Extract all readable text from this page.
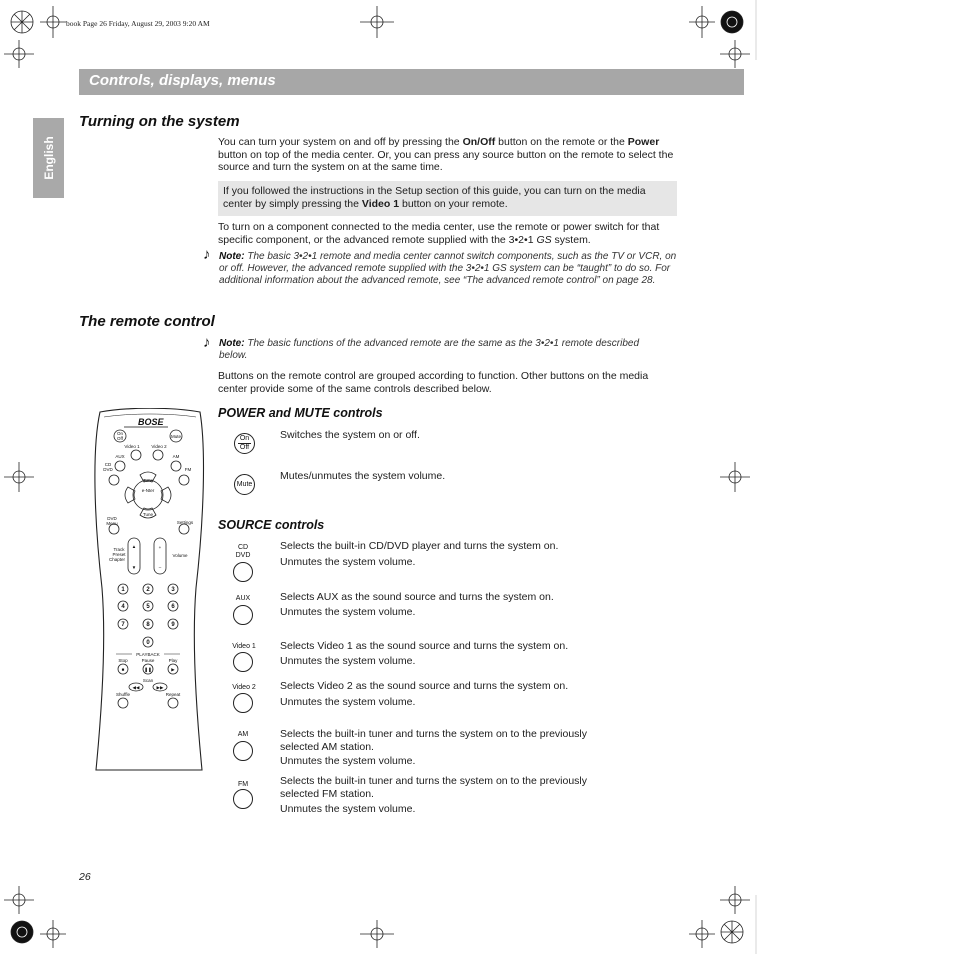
book Page 26 Friday, August 29, 2003 9:20 AM
Controls, displays, menus
English
Turning on the system
You can turn your system on and off by pressing the On/Off button on the remote or the Power button on top of the media center. Or, you can press any source button on the remote to select the source and turn the system on at the same time.
If you followed the instructions in the Setup section of this guide, you can turn on the media center by simply pressing the Video 1 button on your remote.
To turn on a component connected to the media center, use the remote or power switch for that specific component, or the advanced remote supplied with the 3•2•1 GS system.
♪ Note: The basic 3•2•1 remote and media center cannot switch components, such as the TV or VCR, on or off. However, the advanced remote supplied with the 3•2•1 GS system can be “taught” to do so. For additional information about the advanced remote, see “The advanced remote control” on page 28.
The remote control
♪ Note: The basic functions of the advanced remote are the same as the 3•2•1 remote described below.
Buttons on the remote control are grouped according to function. Other buttons on the media center provide some of the same controls described below.
POWER and MUTE controls
On
Off
Switches the system on or off.
Mute
Mutes/unmutes the system volume.
SOURCE controls
CD
DVD
Selects the built-in CD/DVD player and turns the system on.
Unmutes the system volume.
AUX	Selects AUX as the sound source and turns the system on.
Unmutes the system volume.
Video 1	Selects Video 1 as the sound source and turns the system on.
Unmutes the system volume.
Video 2	Selects Video 2 as the sound source and turns the system on.
Unmutes the system volume.
AM	Selects the built-in tuner and turns the system on to the previously selected AM station.
Unmutes the system volume.
FM	Selects the built-in tuner and turns the system on to the previously selected FM station.
Unmutes the system volume.
BOSE
On
Off	Mute
Video 1	Video 2
AUX	AM
CD
DVD	FM
Tune
e-Nter
Tune
DVD
Menu	Settings
Track
Preset
Chapter
Volume
▲
▼
+
–
1	2	3
4	5	6
7	8	9
0
PLAYBACK
Stop	Pause	Play
■	❚❚	▶
Scan
◀◀	▶▶
Shuffle	Repeat
26
